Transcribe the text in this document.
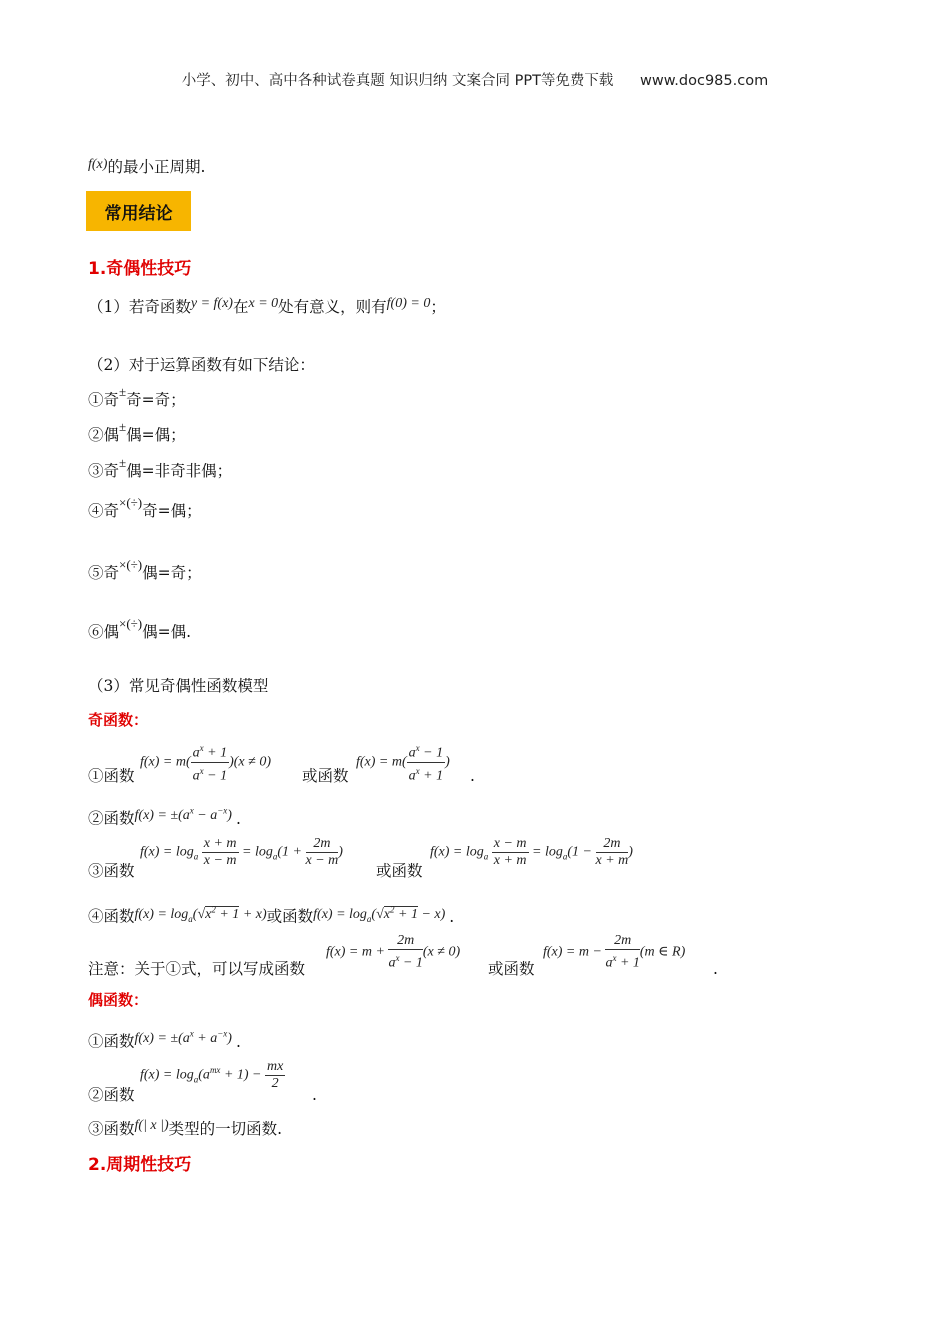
小学、初中、高中各种试卷真题 知识归纳 文案合同 PPT等免费下载 www.doc985.com
f(x)的最小正周期.
常用结论
1.奇偶性技巧
（1）若奇函数y = f(x)在x = 0处有意义，则有f(0) = 0；
（2）对于运算函数有如下结论：
①奇±奇=奇；
②偶±偶=偶；
③奇±偶=非奇非偶；
④奇×(÷)奇=偶；
⑤奇×(÷)偶=奇；
⑥偶×(÷)偶=偶.
（3）常见奇偶性函数模型
奇函数：
①函数
$f(x) = m( \frac{a^x + 1}{a^x - 1} )(x \ne 0)$
或函数
$f(x) = m( \frac{a^x - 1}{a^x + 1}$ )
.
②函数$f(x) = \pm(a^x - a^{-x})$ .
③函数
$f(x) = \log_a \frac{x + m}{x - m} = \log_a(1 + \frac{2m}{x - m}$ )
或函数
$f(x) = \log_a \frac{x - m}{x + m} = \log_a(1 - \frac{2m}{x + m}$ )
④函数$f(x) = \log_a(√x^2 + 1 + x)$或函数$f(x) = \log_a(√x^2 + 1 - x)$ .
注意：关于①式，可以写成函数
$f(x) = m + \frac{2m}{a^x - 1} (x \ne 0)$
或函数
$f(x) = m - \frac{2m}{a^x + 1} (m$ ∈ R)
.
偶函数：
①函数$f(x) = \pm(a^x + a^{-x})$ .
②函数
$f(x) = \log_a(a^{mx} + 1) - \frac{mx}{2}$
.
③函数f(| x |)类型的一切函数.
2.周期性技巧
